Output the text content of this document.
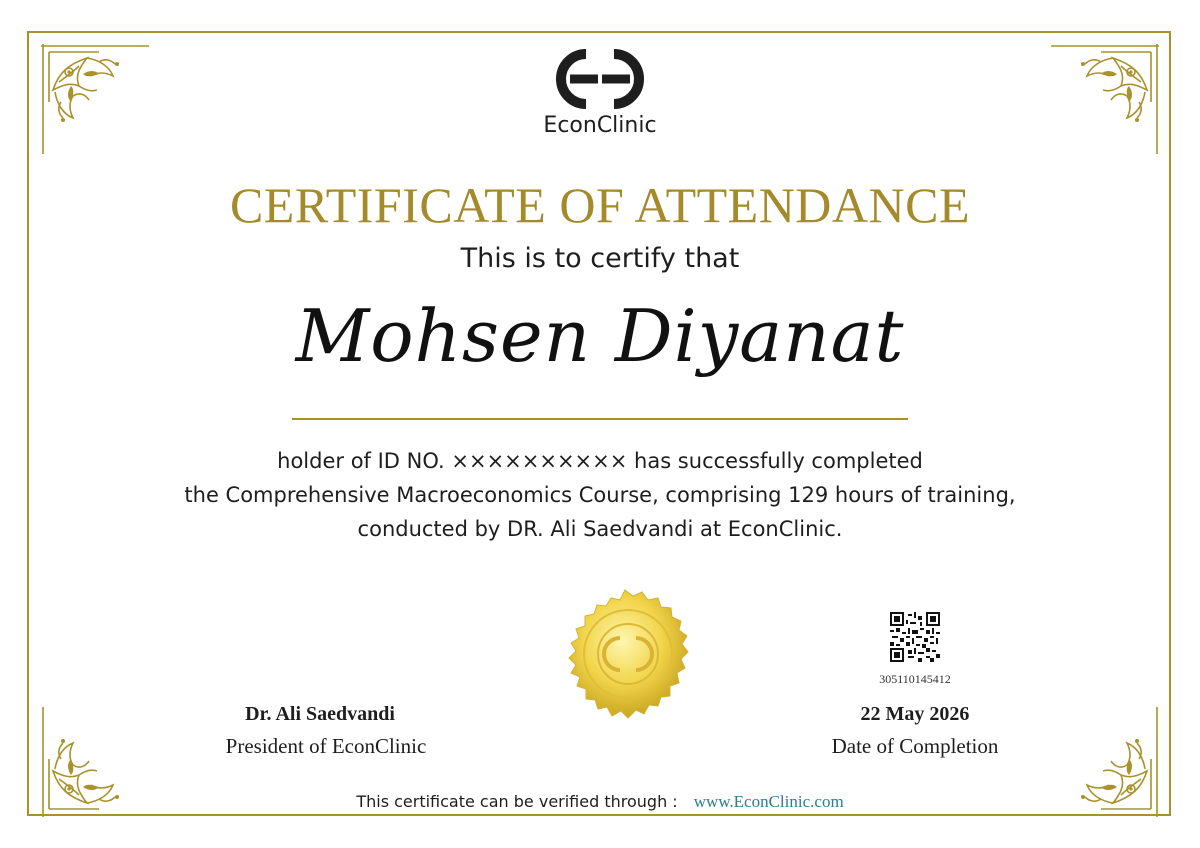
EconClinic
CERTIFICATE OF ATTENDANCE
This is to certify that
Mohsen Diyanat
holder of ID NO. ×××××××××× has successfully completed
the Comprehensive Macroeconomics Course, comprising 129 hours of training,
conducted by DR. Ali Saedvandi at EconClinic.
305110145412
Dr. Ali Saedvandi
President of EconClinic
22 May 2026
Date of Completion
This certificate can be verified through : www.EconClinic.com
